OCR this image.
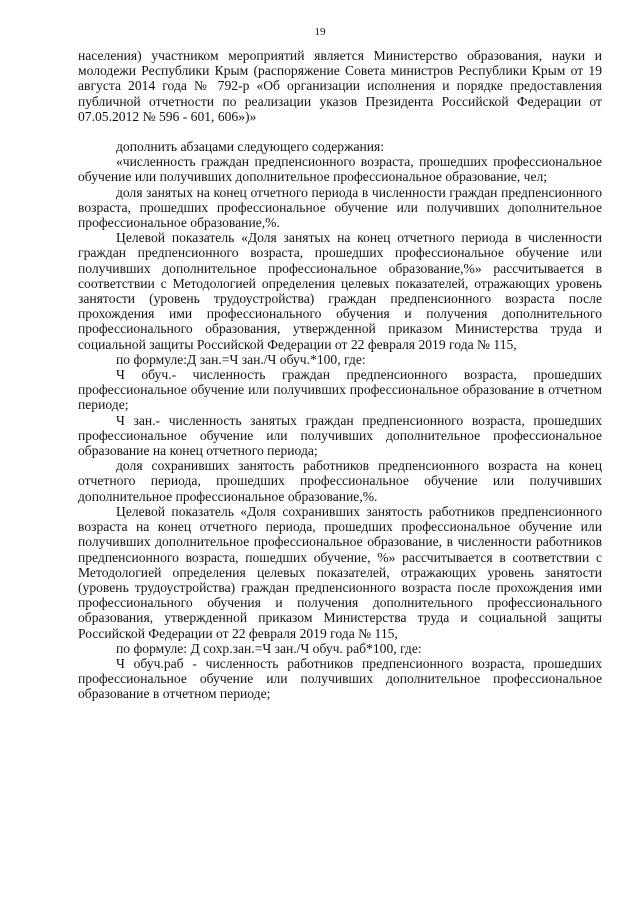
19

населения) участником мероприятий является Министерство образования, науки и молодежи Республики Крым (распоряжение Совета министров Республики Крым от 19 августа 2014 года № 792-р «Об организации исполнения и порядке предоставления публичной отчетности по реализации указов Президента Российской Федерации от 07.05.2012 № 596 - 601, 606»)»

дополнить абзацами следующего содержания:

«численность граждан предпенсионного возраста, прошедших профессиональное обучение или получивших дополнительное профессиональное образование, чел;

доля занятых на конец отчетного периода в численности граждан предпенсионного возраста, прошедших профессиональное обучение или получивших дополнительное профессиональное образование,%.

Целевой показатель «Доля занятых на конец отчетного периода в численности граждан предпенсионного возраста, прошедших профессиональное обучение или получивших дополнительное профессиональное образование,%» рассчитывается в соответствии с Методологией определения целевых показателей, отражающих уровень занятости (уровень трудоустройства) граждан предпенсионного возраста после прохождения ими профессионального обучения и получения дополнительного профессионального образования, утвержденной приказом Министерства труда и социальной защиты Российской Федерации от 22 февраля 2019 года № 115,

по формуле:Д зан.=Ч зан./Ч обуч.*100, где:

Ч обуч.- численность граждан предпенсионного возраста, прошедших профессиональное обучение или получивших профессиональное образование в отчетном периоде;

Ч зан.- численность занятых граждан предпенсионного возраста, прошедших профессиональное обучение или получивших дополнительное профессиональное образование на конец отчетного периода;

доля сохранивших занятость работников предпенсионного возраста на конец отчетного периода, прошедших профессиональное обучение или получивших дополнительное профессиональное образование,%.

Целевой показатель «Доля сохранивших занятость работников предпенсионного возраста на конец отчетного периода, прошедших профессиональное обучение или получивших дополнительное профессиональное образование, в численности работников предпенсионного возраста, пошедших обучение, %» рассчитывается в соответствии с Методологией определения целевых показателей, отражающих уровень занятости (уровень трудоустройства) граждан предпенсионного возраста после прохождения ими профессионального обучения и получения дополнительного профессионального образования, утвержденной приказом Министерства труда и социальной защиты Российской Федерации от 22 февраля 2019 года № 115,

по формуле: Д сохр.зан.=Ч зан./Ч обуч. раб*100, где:

Ч обуч.раб - численность работников предпенсионного возраста, прошедших профессиональное обучение или получивших дополнительное профессиональное образование в отчетном периоде;
